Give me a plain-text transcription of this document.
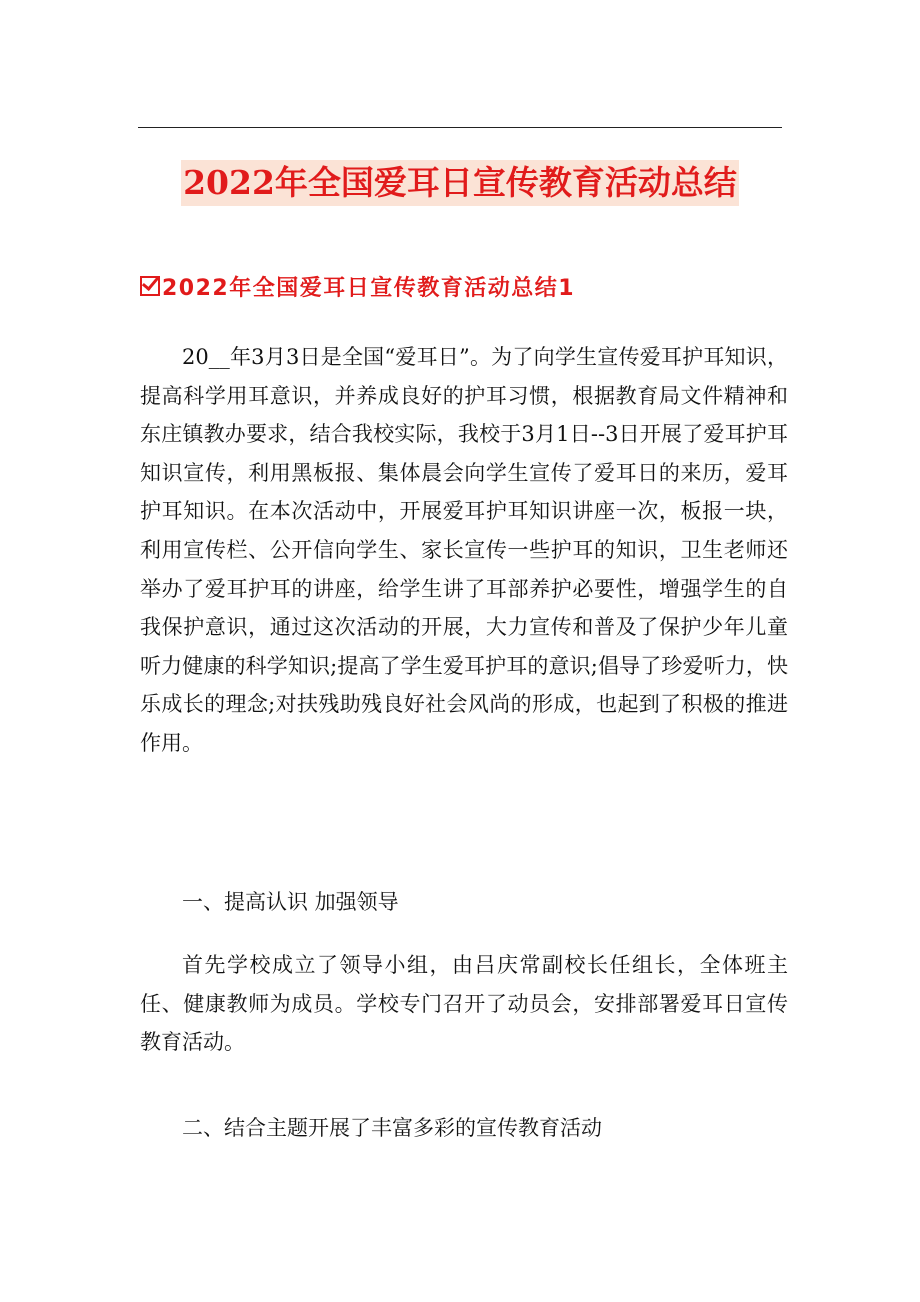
2022年全国爱耳日宣传教育活动总结
2022年全国爱耳日宣传教育活动总结1

20__年3月3日是全国“爱耳日”。为了向学生宣传爱耳护耳知识，提高科学用耳意识，并养成良好的护耳习惯，根据教育局文件精神和东庄镇教办要求，结合我校实际，我校于3月1日--3日开展了爱耳护耳知识宣传，利用黑板报、集体晨会向学生宣传了爱耳日的来历，爱耳护耳知识。在本次活动中，开展爱耳护耳知识讲座一次，板报一块，利用宣传栏、公开信向学生、家长宣传一些护耳的知识，卫生老师还举办了爱耳护耳的讲座，给学生讲了耳部养护必要性，增强学生的自我保护意识，通过这次活动的开展，大力宣传和普及了保护少年儿童听力健康的科学知识;提高了学生爱耳护耳的意识;倡导了珍爱听力，快乐成长的理念;对扶残助残良好社会风尚的形成，也起到了积极的推进作用。

一、提高认识 加强领导

首先学校成立了领导小组，由吕庆常副校长任组长，全体班主任、健康教师为成员。学校专门召开了动员会，安排部署爱耳日宣传教育活动。

二、结合主题开展了丰富多彩的宣传教育活动
